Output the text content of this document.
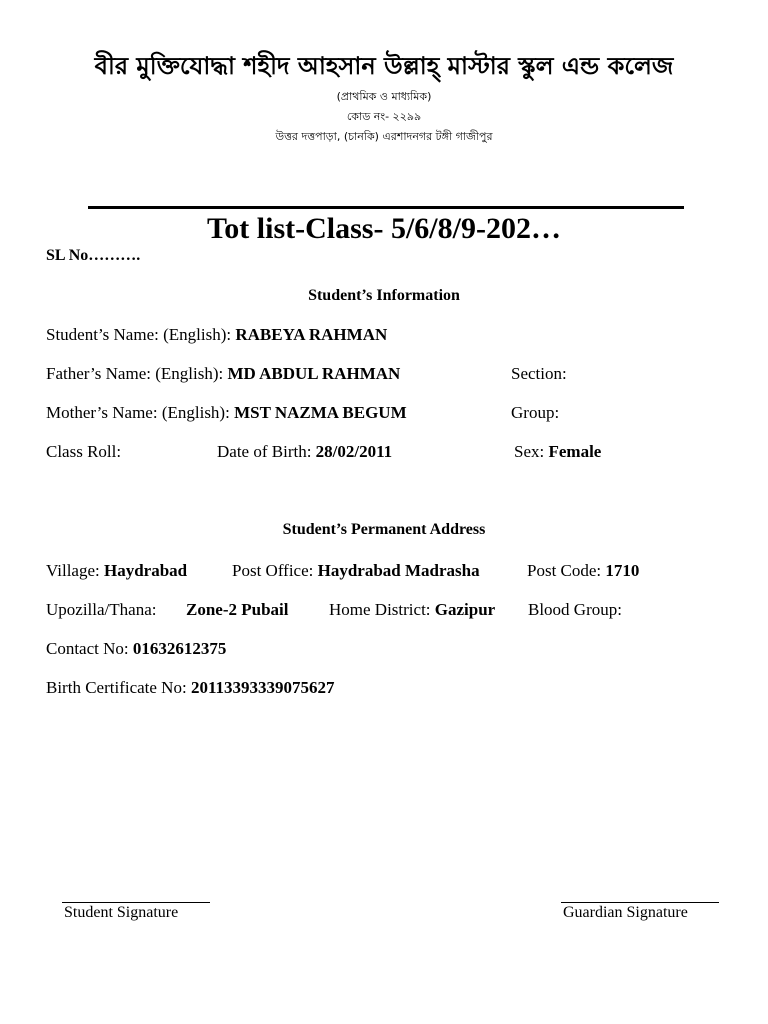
বীর মুক্তিযোদ্ধা শহীদ আহসান উল্লাহ্ মাস্টার স্কুল এন্ড কলেজ
(প্রাথমিক ও মাধ্যমিক)
কোড নং- ২২৯৯
উত্তর দত্তপাড়া, (চানকি) এরশাদনগর টঙ্গী গাজীপুর
Tot list-Class- 5/6/8/9-202…
SL No……….
Student’s Information
Student’s Name: (English): RABEYA RAHMAN
Father’s Name: (English): MD ABDUL RAHMAN	Section:
Mother’s Name: (English): MST NAZMA BEGUM	Group:
Class Roll:	Date of Birth: 28/02/2011	Sex: Female
Student’s Permanent Address
Village: Haydrabad	Post Office: Haydrabad Madrasha	Post Code: 1710
Upozilla/Thana: Zone-2 Pubail Home District: Gazipur Blood Group:
Contact No: 01632612375
Birth Certificate No: 20113393339075627
Student Signature	Guardian Signature
